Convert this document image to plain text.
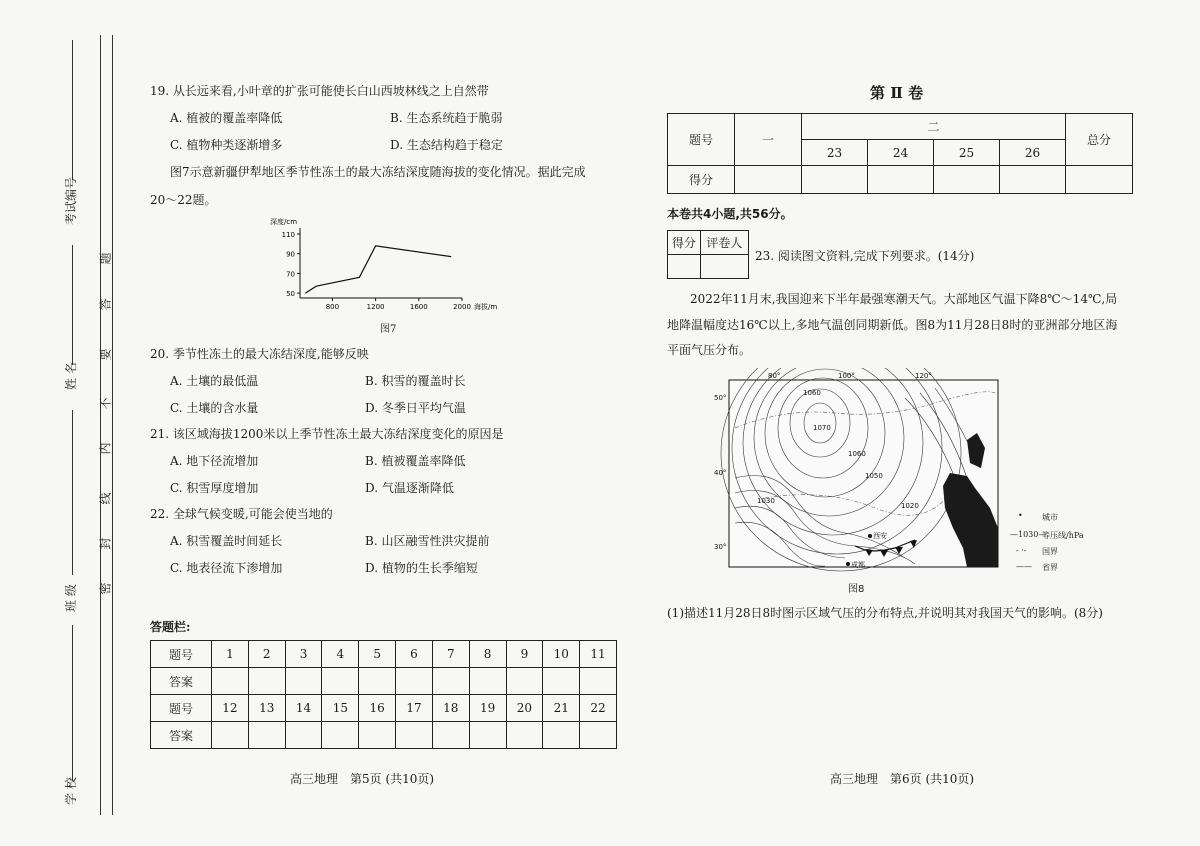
考试编号
姓 名
班 级
学 校
题
答
要
不
内
线
封
密
19. 从长远来看,小叶章的扩张可能使长白山西坡林线之上自然带
A. 植被的覆盖率降低	B. 生态系统趋于脆弱
C. 植物种类逐渐增多	D. 生态结构趋于稳定
图7示意新疆伊犁地区季节性冻土的最大冻结深度随海拔的变化情况。据此完成
20～22题。
50
70
90
110
800	1200	1600	2000
深度/cm
海拔/m
图7
20. 季节性冻土的最大冻结深度,能够反映
A. 土壤的最低温	B. 积雪的覆盖时长
C. 土壤的含水量	D. 冬季日平均气温
21. 该区域海拔1200米以上季节性冻土最大冻结深度变化的原因是
A. 地下径流增加	B. 植被覆盖率降低
C. 积雪厚度增加	D. 气温逐渐降低
22. 全球气候变暖,可能会使当地的
A. 积雪覆盖时间延长	B. 山区融雪性洪灾提前
C. 地表径流下渗增加	D. 植物的生长季缩短
答题栏:
题号	1	2	3	4	5	6	7	8	9	10	11
答案											
题号	12	13	14	15	16	17	18	19	20	21	22
答案											
高三地理　第5页 (共10页)
第 Ⅱ 卷
题号	一	二				总分
		23	24	25	26	
得分						
本卷共4小题,共56分。
得分	评卷人

23. 阅读图文资料,完成下列要求。(14分)
2022年11月末,我国迎来下半年最强寒潮天气。大部地区气温下降8℃～14℃,局
地降温幅度达16℃以上,多地气温创同期新低。图8为11月28日8时的亚洲部分地区海
平面气压分布。
80°	100°	120°
50°
40°
30°
1060
1070
1060
1050
1030
1020
西安
成都
• 城市
—1030—
等压线/hPa
- ·- 国界
—— 省界
图8
(1)描述11月28日8时图示区域气压的分布特点,并说明其对我国天气的影响。(8分)
高三地理　第6页 (共10页)
